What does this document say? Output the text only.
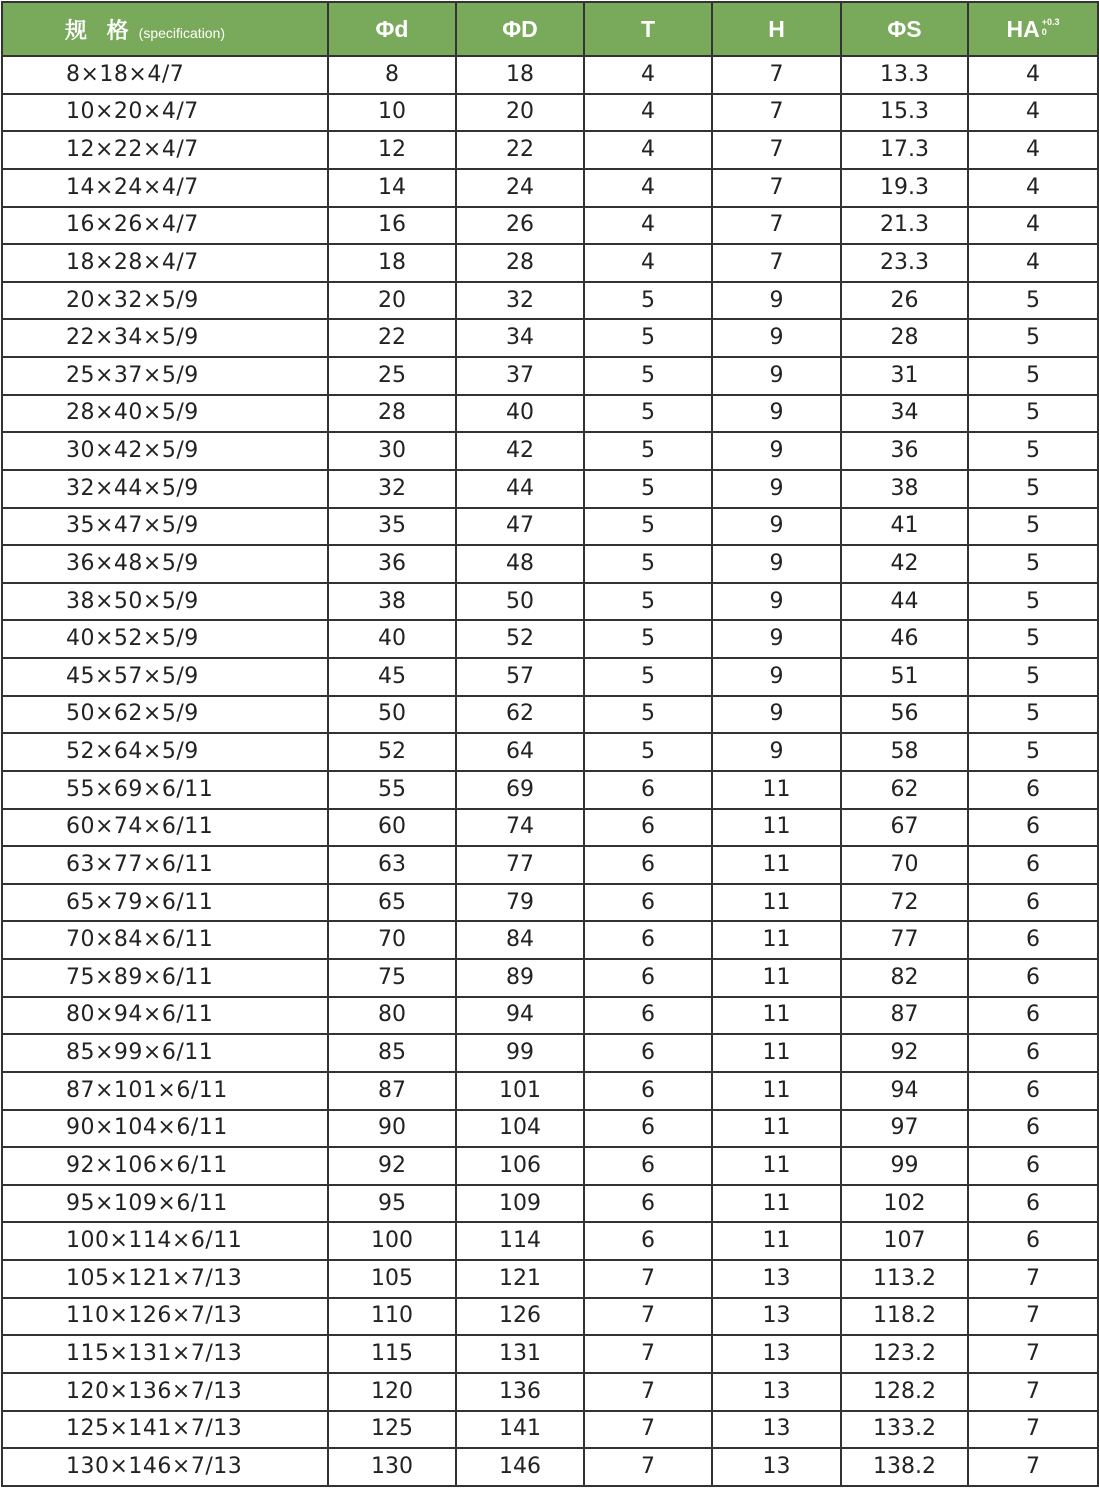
规 格 (specification)	Φd	ΦD	T	H	ΦS	HA +0.3
0

8×18×4/7	8	18	4	7	13.3	4
10×20×4/7	10	20	4	7	15.3	4
12×22×4/7	12	22	4	7	17.3	4
14×24×4/7	14	24	4	7	19.3	4
16×26×4/7	16	26	4	7	21.3	4
18×28×4/7	18	28	4	7	23.3	4
20×32×5/9	20	32	5	9	26	5
22×34×5/9	22	34	5	9	28	5
25×37×5/9	25	37	5	9	31	5
28×40×5/9	28	40	5	9	34	5
30×42×5/9	30	42	5	9	36	5
32×44×5/9	32	44	5	9	38	5
35×47×5/9	35	47	5	9	41	5
36×48×5/9	36	48	5	9	42	5
38×50×5/9	38	50	5	9	44	5
40×52×5/9	40	52	5	9	46	5
45×57×5/9	45	57	5	9	51	5
50×62×5/9	50	62	5	9	56	5
52×64×5/9	52	64	5	9	58	5
55×69×6/11	55	69	6	11	62	6
60×74×6/11	60	74	6	11	67	6
63×77×6/11	63	77	6	11	70	6
65×79×6/11	65	79	6	11	72	6
70×84×6/11	70	84	6	11	77	6
75×89×6/11	75	89	6	11	82	6
80×94×6/11	80	94	6	11	87	6
85×99×6/11	85	99	6	11	92	6
87×101×6/11	87	101	6	11	94	6
90×104×6/11	90	104	6	11	97	6
92×106×6/11	92	106	6	11	99	6
95×109×6/11	95	109	6	11	102	6
100×114×6/11	100	114	6	11	107	6
105×121×7/13	105	121	7	13	113.2	7
110×126×7/13	110	126	7	13	118.2	7
115×131×7/13	115	131	7	13	123.2	7
120×136×7/13	120	136	7	13	128.2	7
125×141×7/13	125	141	7	13	133.2	7
130×146×7/13	130	146	7	13	138.2	7
